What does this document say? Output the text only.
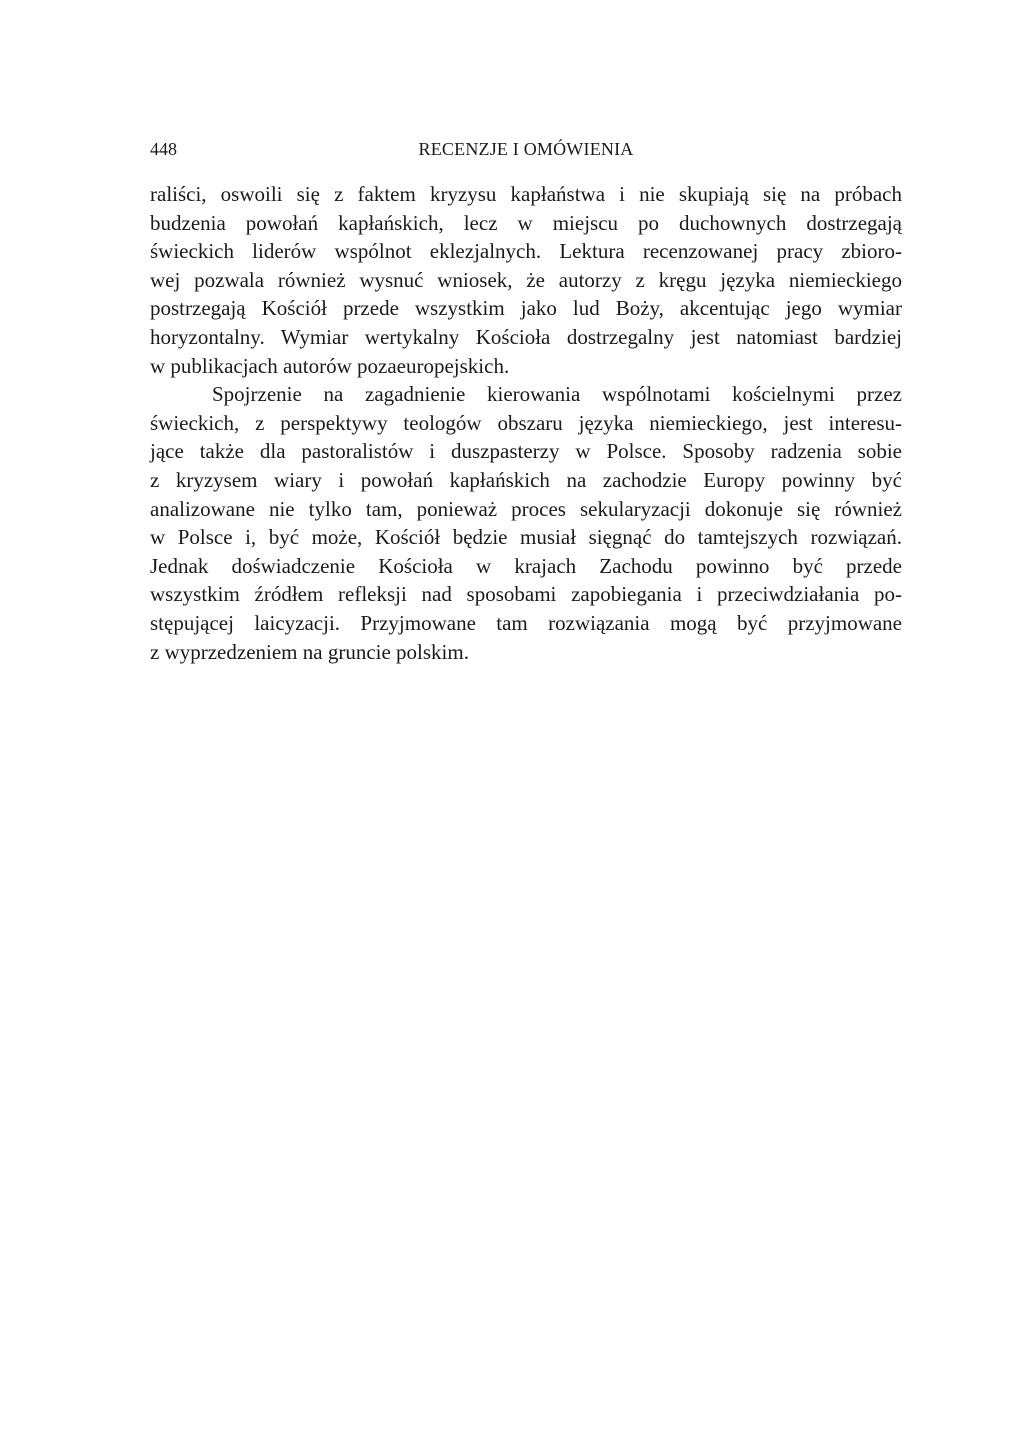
448	RECENZJE I OMÓWIENIA

raliści, oswoili się z faktem kryzysu kapłaństwa i nie skupiają się na próbach
budzenia powołań kapłańskich, lecz w miejscu po duchownych dostrzegają
świeckich liderów wspólnot eklezjalnych. Lektura recenzowanej pracy zbioro-
wej pozwala również wysnuć wniosek, że autorzy z kręgu języka niemieckiego
postrzegają Kościół przede wszystkim jako lud Boży, akcentując jego wymiar
horyzontalny. Wymiar wertykalny Kościoła dostrzegalny jest natomiast bardziej
w publikacjach autorów pozaeuropejskich.

Spojrzenie na zagadnienie kierowania wspólnotami kościelnymi przez
świeckich, z perspektywy teologów obszaru języka niemieckiego, jest interesu-
jące także dla pastoralistów i duszpasterzy w Polsce. Sposoby radzenia sobie
z kryzysem wiary i powołań kapłańskich na zachodzie Europy powinny być
analizowane nie tylko tam, ponieważ proces sekularyzacji dokonuje się również
w Polsce i, być może, Kościół będzie musiał sięgnąć do tamtejszych rozwiązań.
Jednak doświadczenie Kościoła w krajach Zachodu powinno być przede
wszystkim źródłem refleksji nad sposobami zapobiegania i przeciwdziałania po-
stępującej laicyzacji. Przyjmowane tam rozwiązania mogą być przyjmowane
z wyprzedzeniem na gruncie polskim.
